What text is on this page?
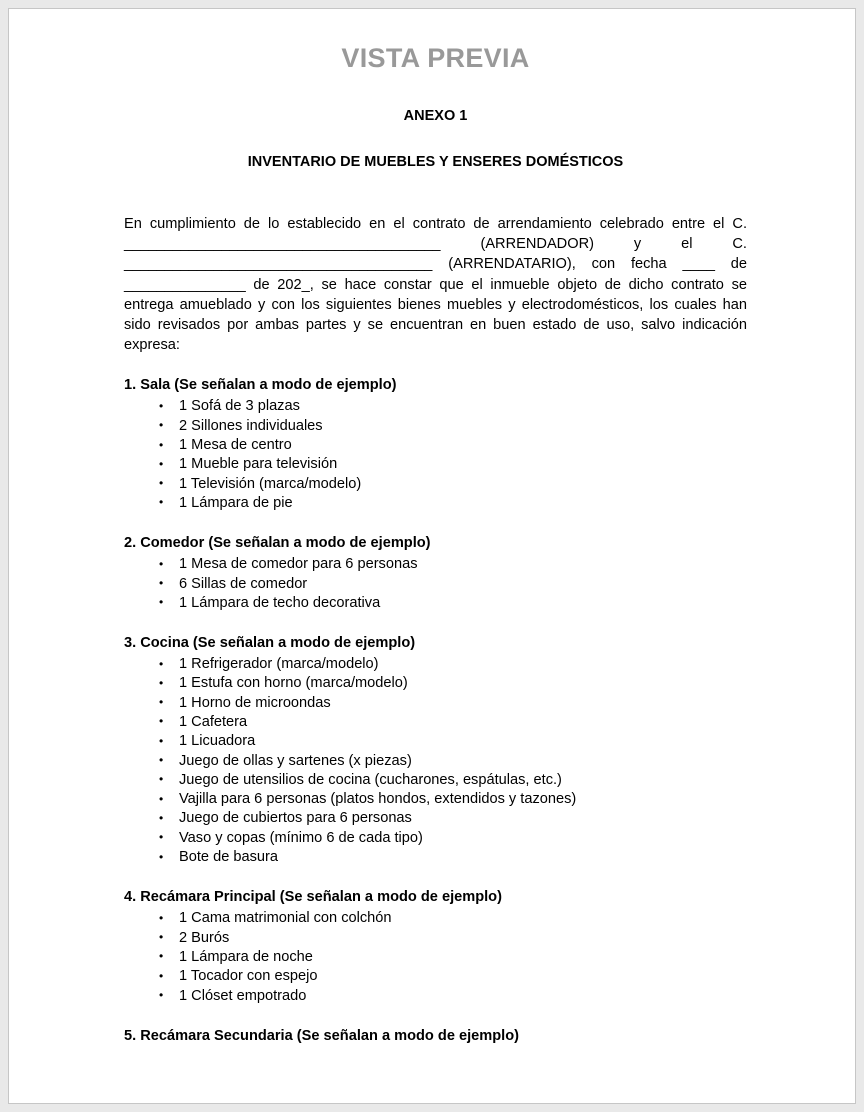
VISTA PREVIA
ANEXO 1
INVENTARIO DE MUEBLES Y ENSERES DOMÉSTICOS

En cumplimiento de lo establecido en el contrato de arrendamiento celebrado entre el C. _______________________________________ (ARRENDADOR) y el C. ______________________________________ (ARRENDATARIO), con fecha ____ de _______________ de 202_, se hace constar que el inmueble objeto de dicho contrato se entrega amueblado y con los siguientes bienes muebles y electrodomésticos, los cuales han sido revisados por ambas partes y se encuentran en buen estado de uso, salvo indicación expresa:

1. Sala (Se señalan a modo de ejemplo)
• 1 Sofá de 3 plazas
• 2 Sillones individuales
• 1 Mesa de centro
• 1 Mueble para televisión
• 1 Televisión (marca/modelo)
• 1 Lámpara de pie
2. Comedor (Se señalan a modo de ejemplo)
• 1 Mesa de comedor para 6 personas
• 6 Sillas de comedor
• 1 Lámpara de techo decorativa
3. Cocina (Se señalan a modo de ejemplo)
• 1 Refrigerador (marca/modelo)
• 1 Estufa con horno (marca/modelo)
• 1 Horno de microondas
• 1 Cafetera
• 1 Licuadora
• Juego de ollas y sartenes (x piezas)
• Juego de utensilios de cocina (cucharones, espátulas, etc.)
• Vajilla para 6 personas (platos hondos, extendidos y tazones)
• Juego de cubiertos para 6 personas
• Vaso y copas (mínimo 6 de cada tipo)
• Bote de basura
4. Recámara Principal (Se señalan a modo de ejemplo)
• 1 Cama matrimonial con colchón
• 2 Burós
• 1 Lámpara de noche
• 1 Tocador con espejo
• 1 Clóset empotrado
5. Recámara Secundaria (Se señalan a modo de ejemplo)
